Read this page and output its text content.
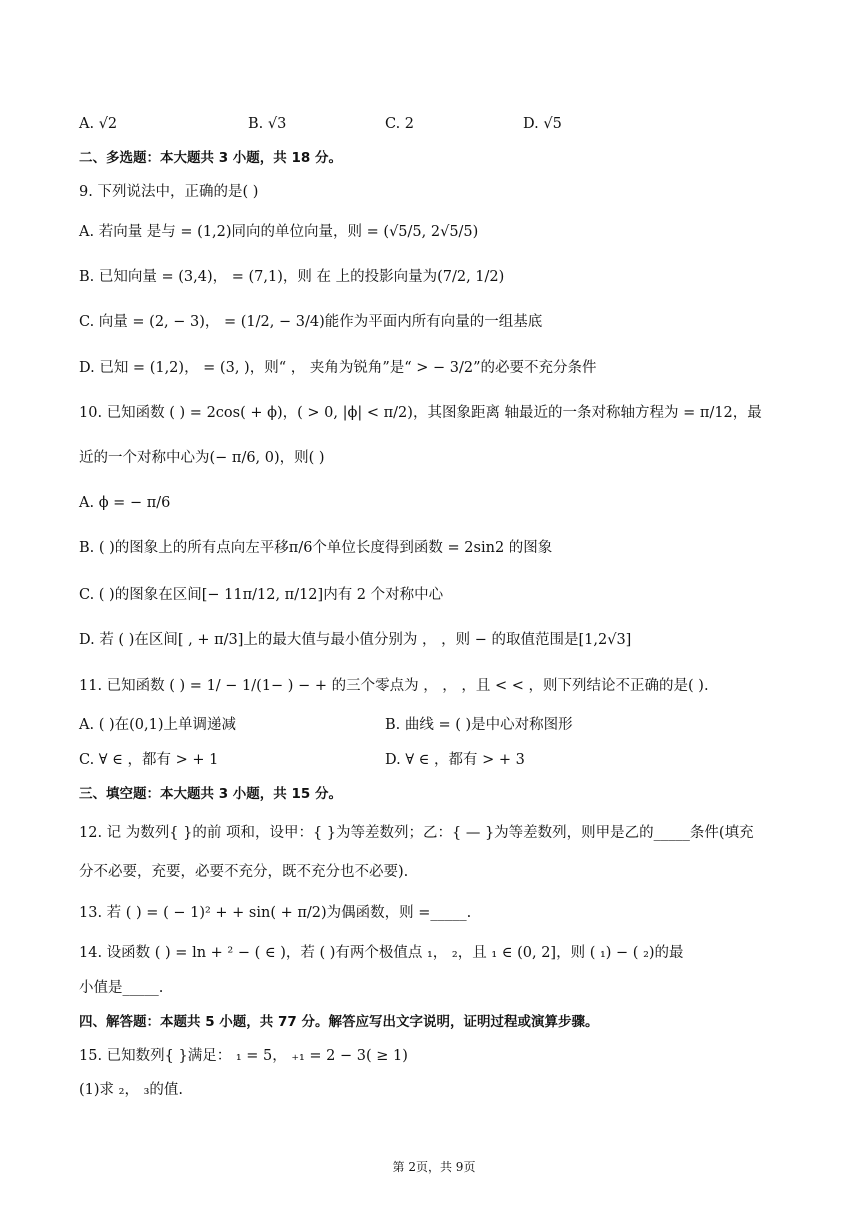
A. √2	B. √3	C. 2	D. √5
二、多选题：本大题共 3 小题，共 18 分。
9. 下列说法中，正确的是( )
A. 若向量 是与 = (1,2)同向的单位向量，则 = (√5/5, 2√5/5)
B. 已知向量 = (3,4)， = (7,1)，则 在 上的投影向量为(7/2, 1/2)
C. 向量 = (2, − 3)， = (1/2, − 3/4)能作为平面内所有向量的一组基底
D. 已知 = (1,2)， = (3, )，则“ ， 夹角为锐角”是“ > − 3/2”的必要不充分条件
10. 已知函数 ( ) = 2cos( + ϕ)，( > 0, |ϕ| < π/2)，其图象距离 轴最近的一条对称轴方程为 = π/12，最
近的一个对称中心为(− π/6, 0)，则( )
A. ϕ = − π/6
B. ( )的图象上的所有点向左平移π/6个单位长度得到函数 = 2sin2 的图象
C. ( )的图象在区间[− 11π/12, π/12]内有 2 个对称中心
D. 若 ( )在区间[ , + π/3]上的最大值与最小值分别为 ， ，则 − 的取值范围是[1,2√3]
11. 已知函数 ( ) = 1/ − 1/(1− ) − + 的三个零点为 ， ， ，且 < < ，则下列结论不正确的是( ).
A. ( )在(0,1)上单调递减	B. 曲线 = ( )是中心对称图形
C. ∀ ∈ ，都有 > + 1	D. ∀ ∈ ，都有 > + 3
三、填空题：本大题共 3 小题，共 15 分。
12. 记 为数列{ }的前 项和，设甲：{ }为等差数列；乙：{ — }为等差数列，则甲是乙的_____条件(填充
分不必要，充要，必要不充分，既不充分也不必要).
13. 若 ( ) = ( − 1)² + + sin( + π/2)为偶函数，则 =_____.
14. 设函数 ( ) = ln + ² − ( ∈ )，若 ( )有两个极值点 ₁， ₂，且 ₁ ∈ (0, 2]，则 ( ₁) − ( ₂)的最
小值是_____.
四、解答题：本题共 5 小题，共 77 分。解答应写出文字说明，证明过程或演算步骤。
15. 已知数列{ }满足： ₁ = 5， ₊₁ = 2 − 3( ≥ 1)
(1)求 ₂， ₃的值.
第 2页，共 9页
